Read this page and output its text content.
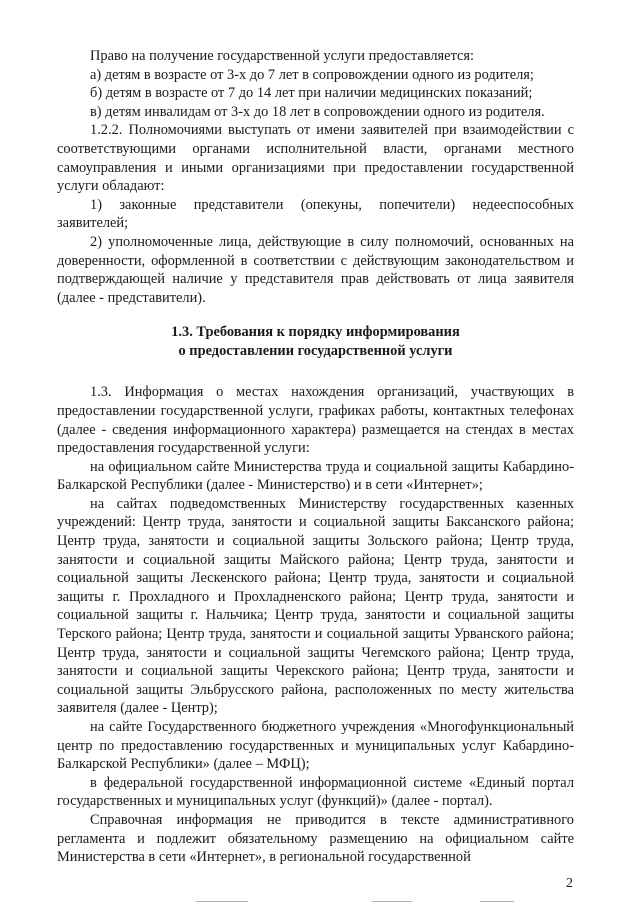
Право на получение государственной услуги предоставляется:

а) детям в возрасте от 3-х до 7 лет в сопровождении одного из родителя;

б) детям в возрасте от 7 до 14 лет при наличии медицинских показаний;

в) детям инвалидам от 3-х до 18 лет в сопровождении одного из родителя.

1.2.2. Полномочиями выступать от имени заявителей при взаимодействии с соответствующими органами исполнительной власти, органами местного самоуправления и иными организациями при предоставлении государственной услуги обладают:

1) законные представители (опекуны, попечители) недееспособных заявителей;

2) уполномоченные лица, действующие в силу полномочий, основанных на доверенности, оформленной в соответствии с действующим законодательством и подтверждающей наличие у представителя прав действовать от лица заявителя (далее - представители).

1.3. Требования к порядку информирования
о предоставлении государственной услуги

1.3. Информация о местах нахождения организаций, участвующих в предоставлении государственной услуги, графиках работы, контактных телефонах (далее - сведения информационного характера) размещается на стендах в местах предоставления государственной услуги:

на официальном сайте Министерства труда и социальной защиты Кабардино-Балкарской Республики (далее - Министерство) и в сети «Интернет»;

на сайтах подведомственных Министерству государственных казенных учреждений: Центр труда, занятости и социальной защиты Баксанского района; Центр труда, занятости и социальной защиты Зольского района; Центр труда, занятости и социальной защиты Майского района; Центр труда, занятости и социальной защиты Лескенского района; Центр труда, занятости и социальной защиты г. Прохладного и Прохладненского района; Центр труда, занятости и социальной защиты г. Нальчика; Центр труда, занятости и социальной защиты Терского района; Центр труда, занятости и социальной защиты Урванского района; Центр труда, занятости и социальной защиты Чегемского района; Центр труда, занятости и социальной защиты Черекского района; Центр труда, занятости и социальной защиты Эльбрусского района, расположенных по месту жительства заявителя (далее - Центр);

на сайте Государственного бюджетного учреждения «Многофункциональный центр по предоставлению государственных и муниципальных услуг Кабардино-Балкарской Республики» (далее – МФЦ);

в федеральной государственной информационной системе «Единый портал государственных и муниципальных услуг (функций)» (далее - портал).

Справочная информация не приводится в тексте административного регламента и подлежит обязательному размещению на официальном сайте Министерства в сети «Интернет», в региональной государственной

2
